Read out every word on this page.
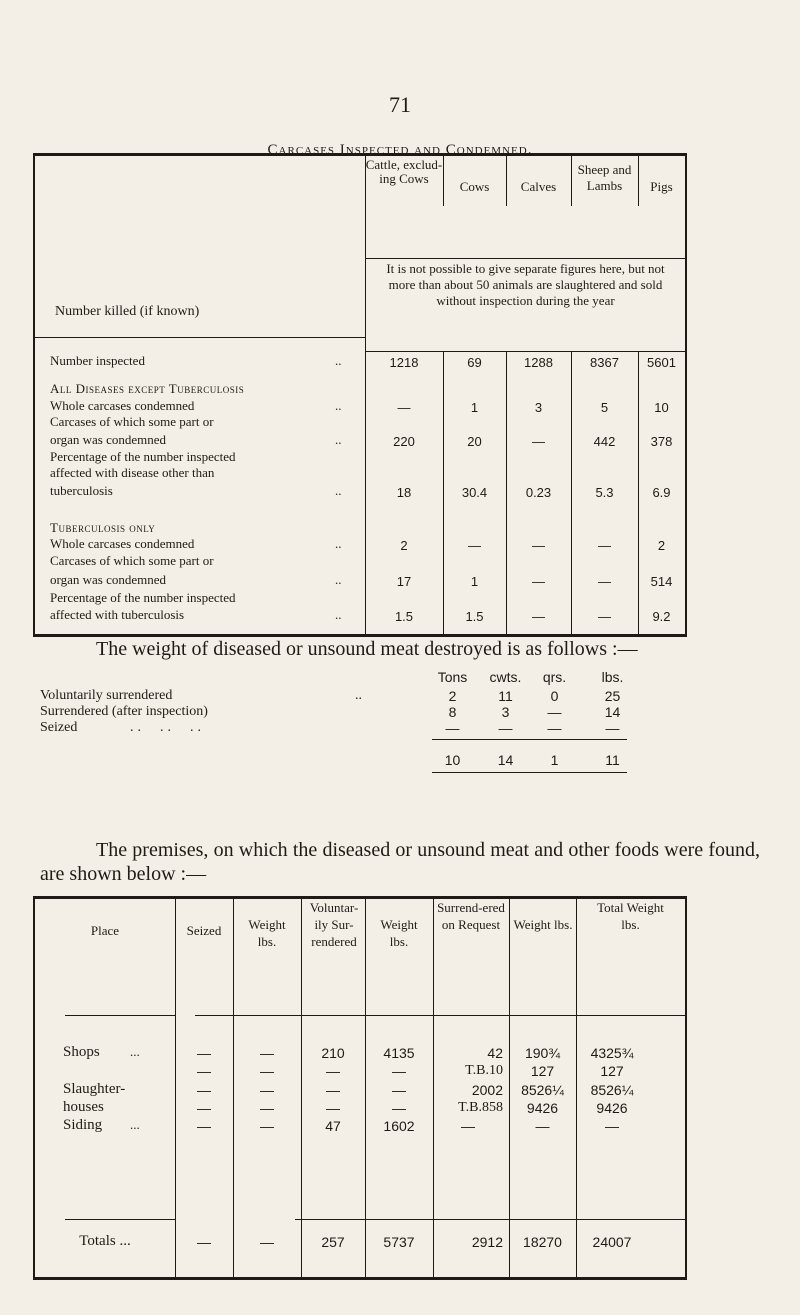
71
Carcases Inspected and Condemned.
Cattle, exclud-ing Cows
Cows	Calves
Sheep and Lambs	Pigs
Number killed (if known)
It is not possible to give separate figures here, but not more than about 50 animals are slaughtered and sold without inspection during the year
Number inspected	..	1218	69	1288	8367	5601
All Diseases except Tuberculosis
Whole carcases condemned	..	—	1	3	5	10
Carcases of which some part or
organ was condemned	..	220	20	—	442	378
Percentage of the number inspected
affected with disease other than
tuberculosis	..	18	30.4	0.23	5.3	6.9
Tuberculosis only
Whole carcases condemned	..	2	—	—	—	2
Carcases of which some part or
organ was condemned	..	17	1	—	—	514
Percentage of the number inspected
affected with tuberculosis	..	1.5	1.5	—	—	9.2
The weight of diseased or unsound meat destroyed is as follows :—
Tons	cwts.	qrs.	lbs.
Voluntarily surrendered	..	2	11	0	25
Surrendered (after inspection)	8	3	—	14
Seized	..  ..  ..	—	—	—	—
10	14	1	11
The premises, on which the diseased or unsound meat and other foods were found, are shown below :—
Place	Seized	Weight lbs.
Voluntar-ily Sur-rendered
Weight lbs.
Surrend-ered on Request	Weight lbs.
Total Weight lbs.
Shops ...	—	—	210	4135	42	190¾	4325¾
—	—	—	—	T.B.10	127	127
Slaughter-	—	—	—	—	2002	8526¼	8526¼
houses	—	—	—	—	T.B.858	9426	9426
Siding ...	—	—	47	1602	—	—	—
Totals ...	—	—	257	5737	2912	18270	24007
